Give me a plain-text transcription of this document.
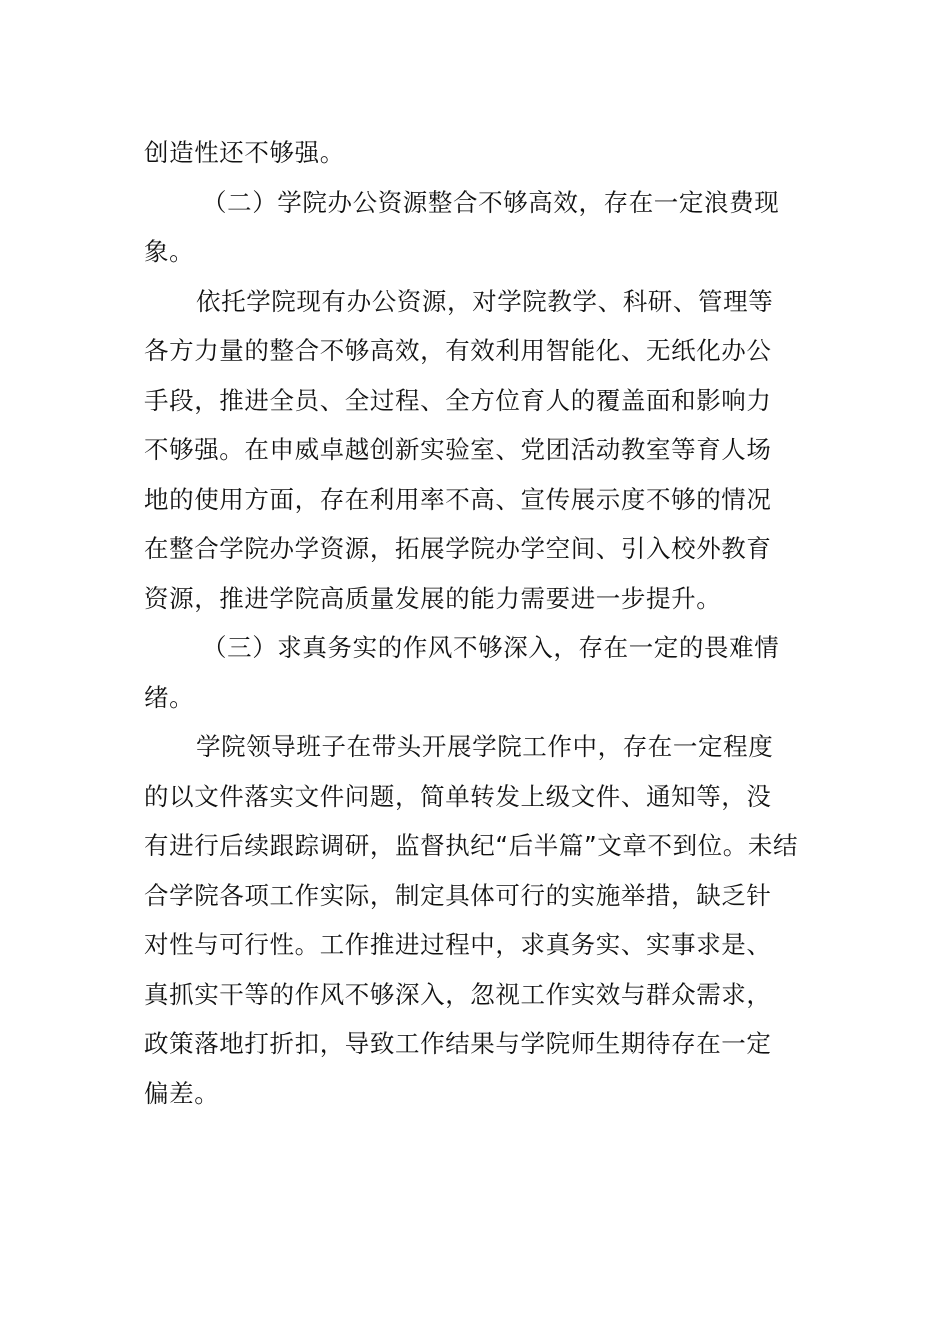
创造性还不够强。
（二）学院办公资源整合不够高效，存在一定浪费现
象。
依托学院现有办公资源，对学院教学、科研、管理等
各方力量的整合不够高效，有效利用智能化、无纸化办公
手段，推进全员、全过程、全方位育人的覆盖面和影响力
不够强。在申威卓越创新实验室、党团活动教室等育人场
地的使用方面，存在利用率不高、宣传展示度不够的情况
在整合学院办学资源，拓展学院办学空间、引入校外教育
资源，推进学院高质量发展的能力需要进一步提升。
（三）求真务实的作风不够深入，存在一定的畏难情
绪。
学院领导班子在带头开展学院工作中，存在一定程度
的以文件落实文件问题，简单转发上级文件、通知等，没
有进行后续跟踪调研，监督执纪“后半篇”文章不到位。未结
合学院各项工作实际，制定具体可行的实施举措，缺乏针
对性与可行性。工作推进过程中，求真务实、实事求是、
真抓实干等的作风不够深入，忽视工作实效与群众需求，
政策落地打折扣，导致工作结果与学院师生期待存在一定
偏差。
